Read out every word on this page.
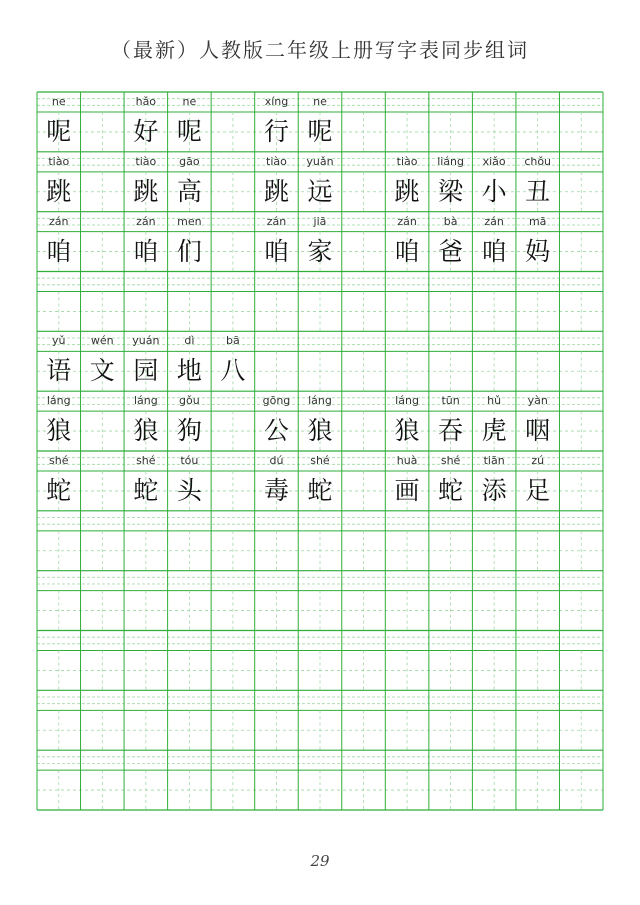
（最新）人教版二年级上册写字表同步组词
ne
呢
hǎo
好
ne
呢
xíng
行
ne
呢
tiào
跳
tiào
跳
gāo
高
tiào
跳
yuǎn
远
tiào
跳
liáng
梁
xiǎo
小
chǒu
丑
zán
咱
zán
咱
men
们
zán
咱
jiā
家
zán
咱
bà
爸
zán
咱
mā
妈
yǔ
语
wén
文
yuán
园
dì
地
bā
八
láng
狼
láng
狼
gǒu
狗
gōng
公
láng
狼
láng
狼
tūn
吞
hǔ
虎
yàn
咽
shé
蛇
shé
蛇
tóu
头
dú
毒
shé
蛇
huà
画
shé
蛇
tiān
添
zú
足
29
